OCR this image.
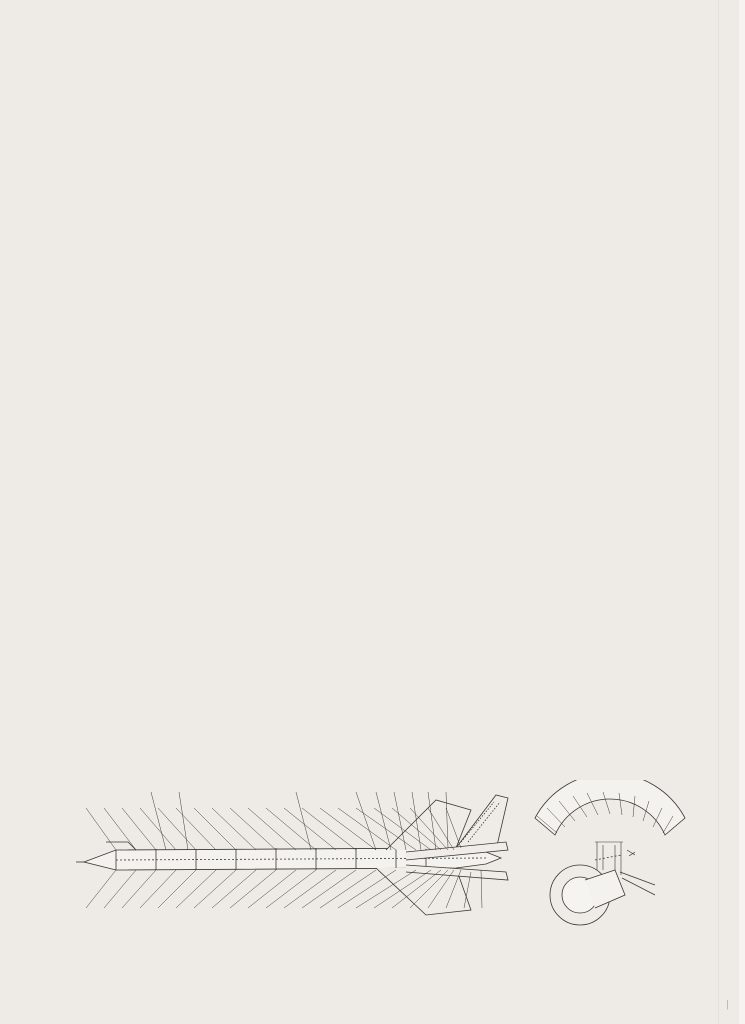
|
